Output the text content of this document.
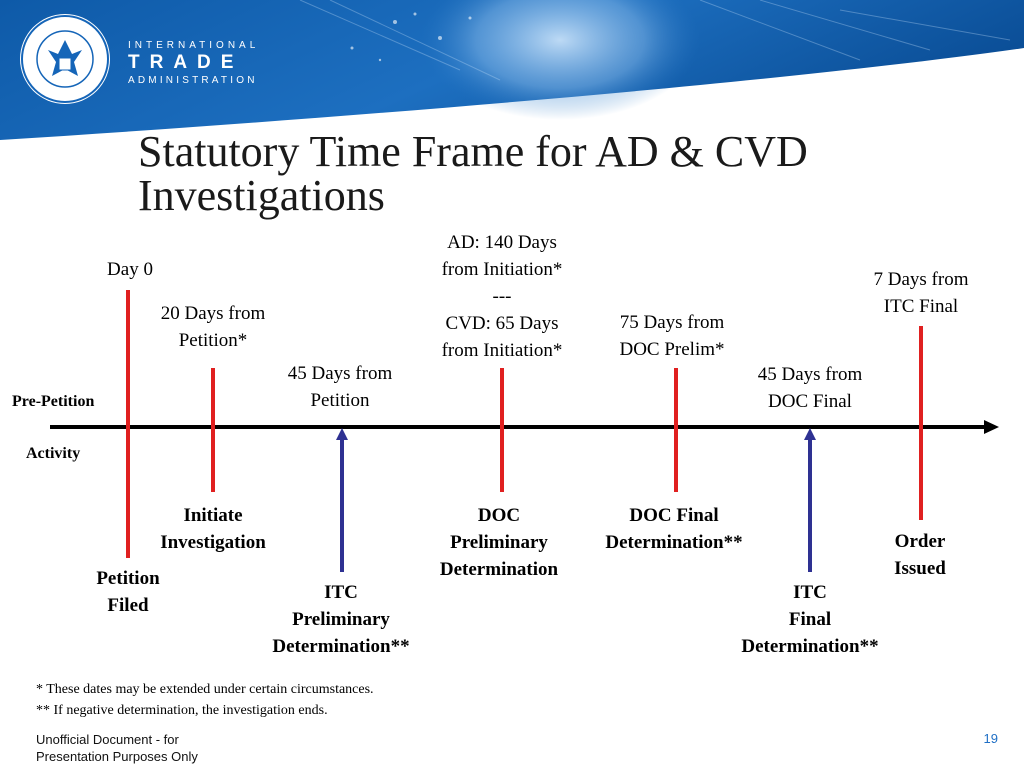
INTERNATIONAL
TRADE
ADMINISTRATION
Statutory Time Frame for AD & CVD
Investigations
Pre-Petition
Activity
Day 0
20 Days from
Petition*
45 Days from
Petition
AD: 140 Days
from Initiation*
---
CVD: 65 Days
from Initiation*
75 Days from
DOC Prelim*
45 Days from
DOC Final
7 Days from
ITC Final
Petition
Filed
Initiate
Investigation
ITC
Preliminary
Determination**
DOC
Preliminary
Determination
DOC Final
Determination**
ITC
Final
Determination**
Order
Issued
* These dates may be extended under certain circumstances.
** If negative determination, the investigation ends.
Unofficial Document - for
Presentation Purposes Only
19
